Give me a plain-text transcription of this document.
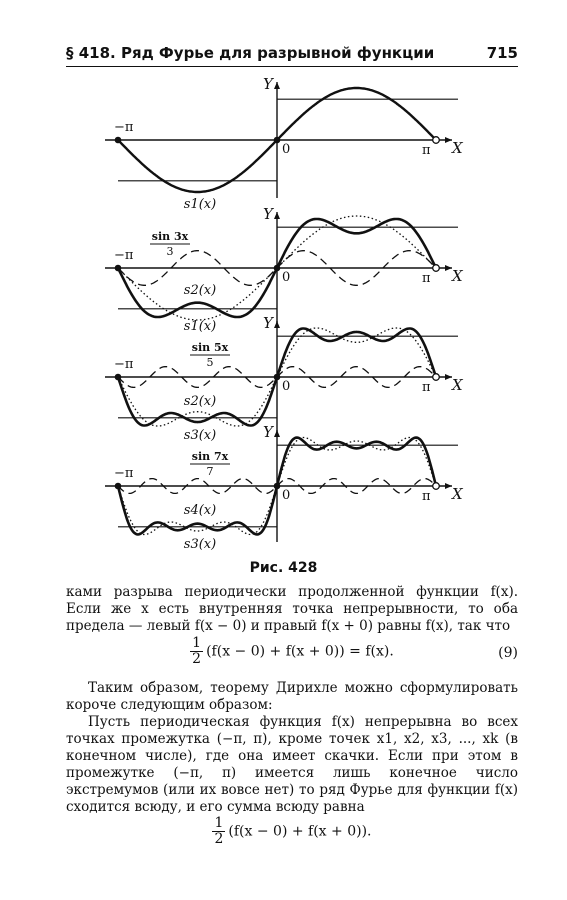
§ 418. Ряд Фурье для разрывной функции	715
Y
X
0
−π
π
s1(x)
Y
X
0
−π
π
sin 3x
3
s2(x)
s1(x)	Y
X
0
−π
π
sin 5x
5
s2(x)
s3(x)	Y
X
0
−π
π
sin 7x
7
s4(x)
s3(x)
Рис. 428

ками разрыва периодически продолженной функции f(x). Если же x есть внутренняя точка непрерывности, то оба предела — левый f(x − 0) и правый f(x + 0) равны f(x), так что

$\frac{1}{2} (f(x - 0) + f(x + 0)) = f(x)$.	(9)

Таким образом, теорему Дирихле можно сформулировать короче следующим образом:

Пусть периодическая функция f(x) непрерывна во всех точках промежутка (−π, π), кроме точек x1, x2, x3, ..., xk (в конечном числе), где она имеет скачки. Если при этом в промежутке (−π, π) имеется лишь конечное число экстремумов (или их вовсе нет) то ряд Фурье для функции f(x) сходится всюду, и его сумма всюду равна

$\frac{1}{2} (f(x - 0) + f(x + 0))$.
